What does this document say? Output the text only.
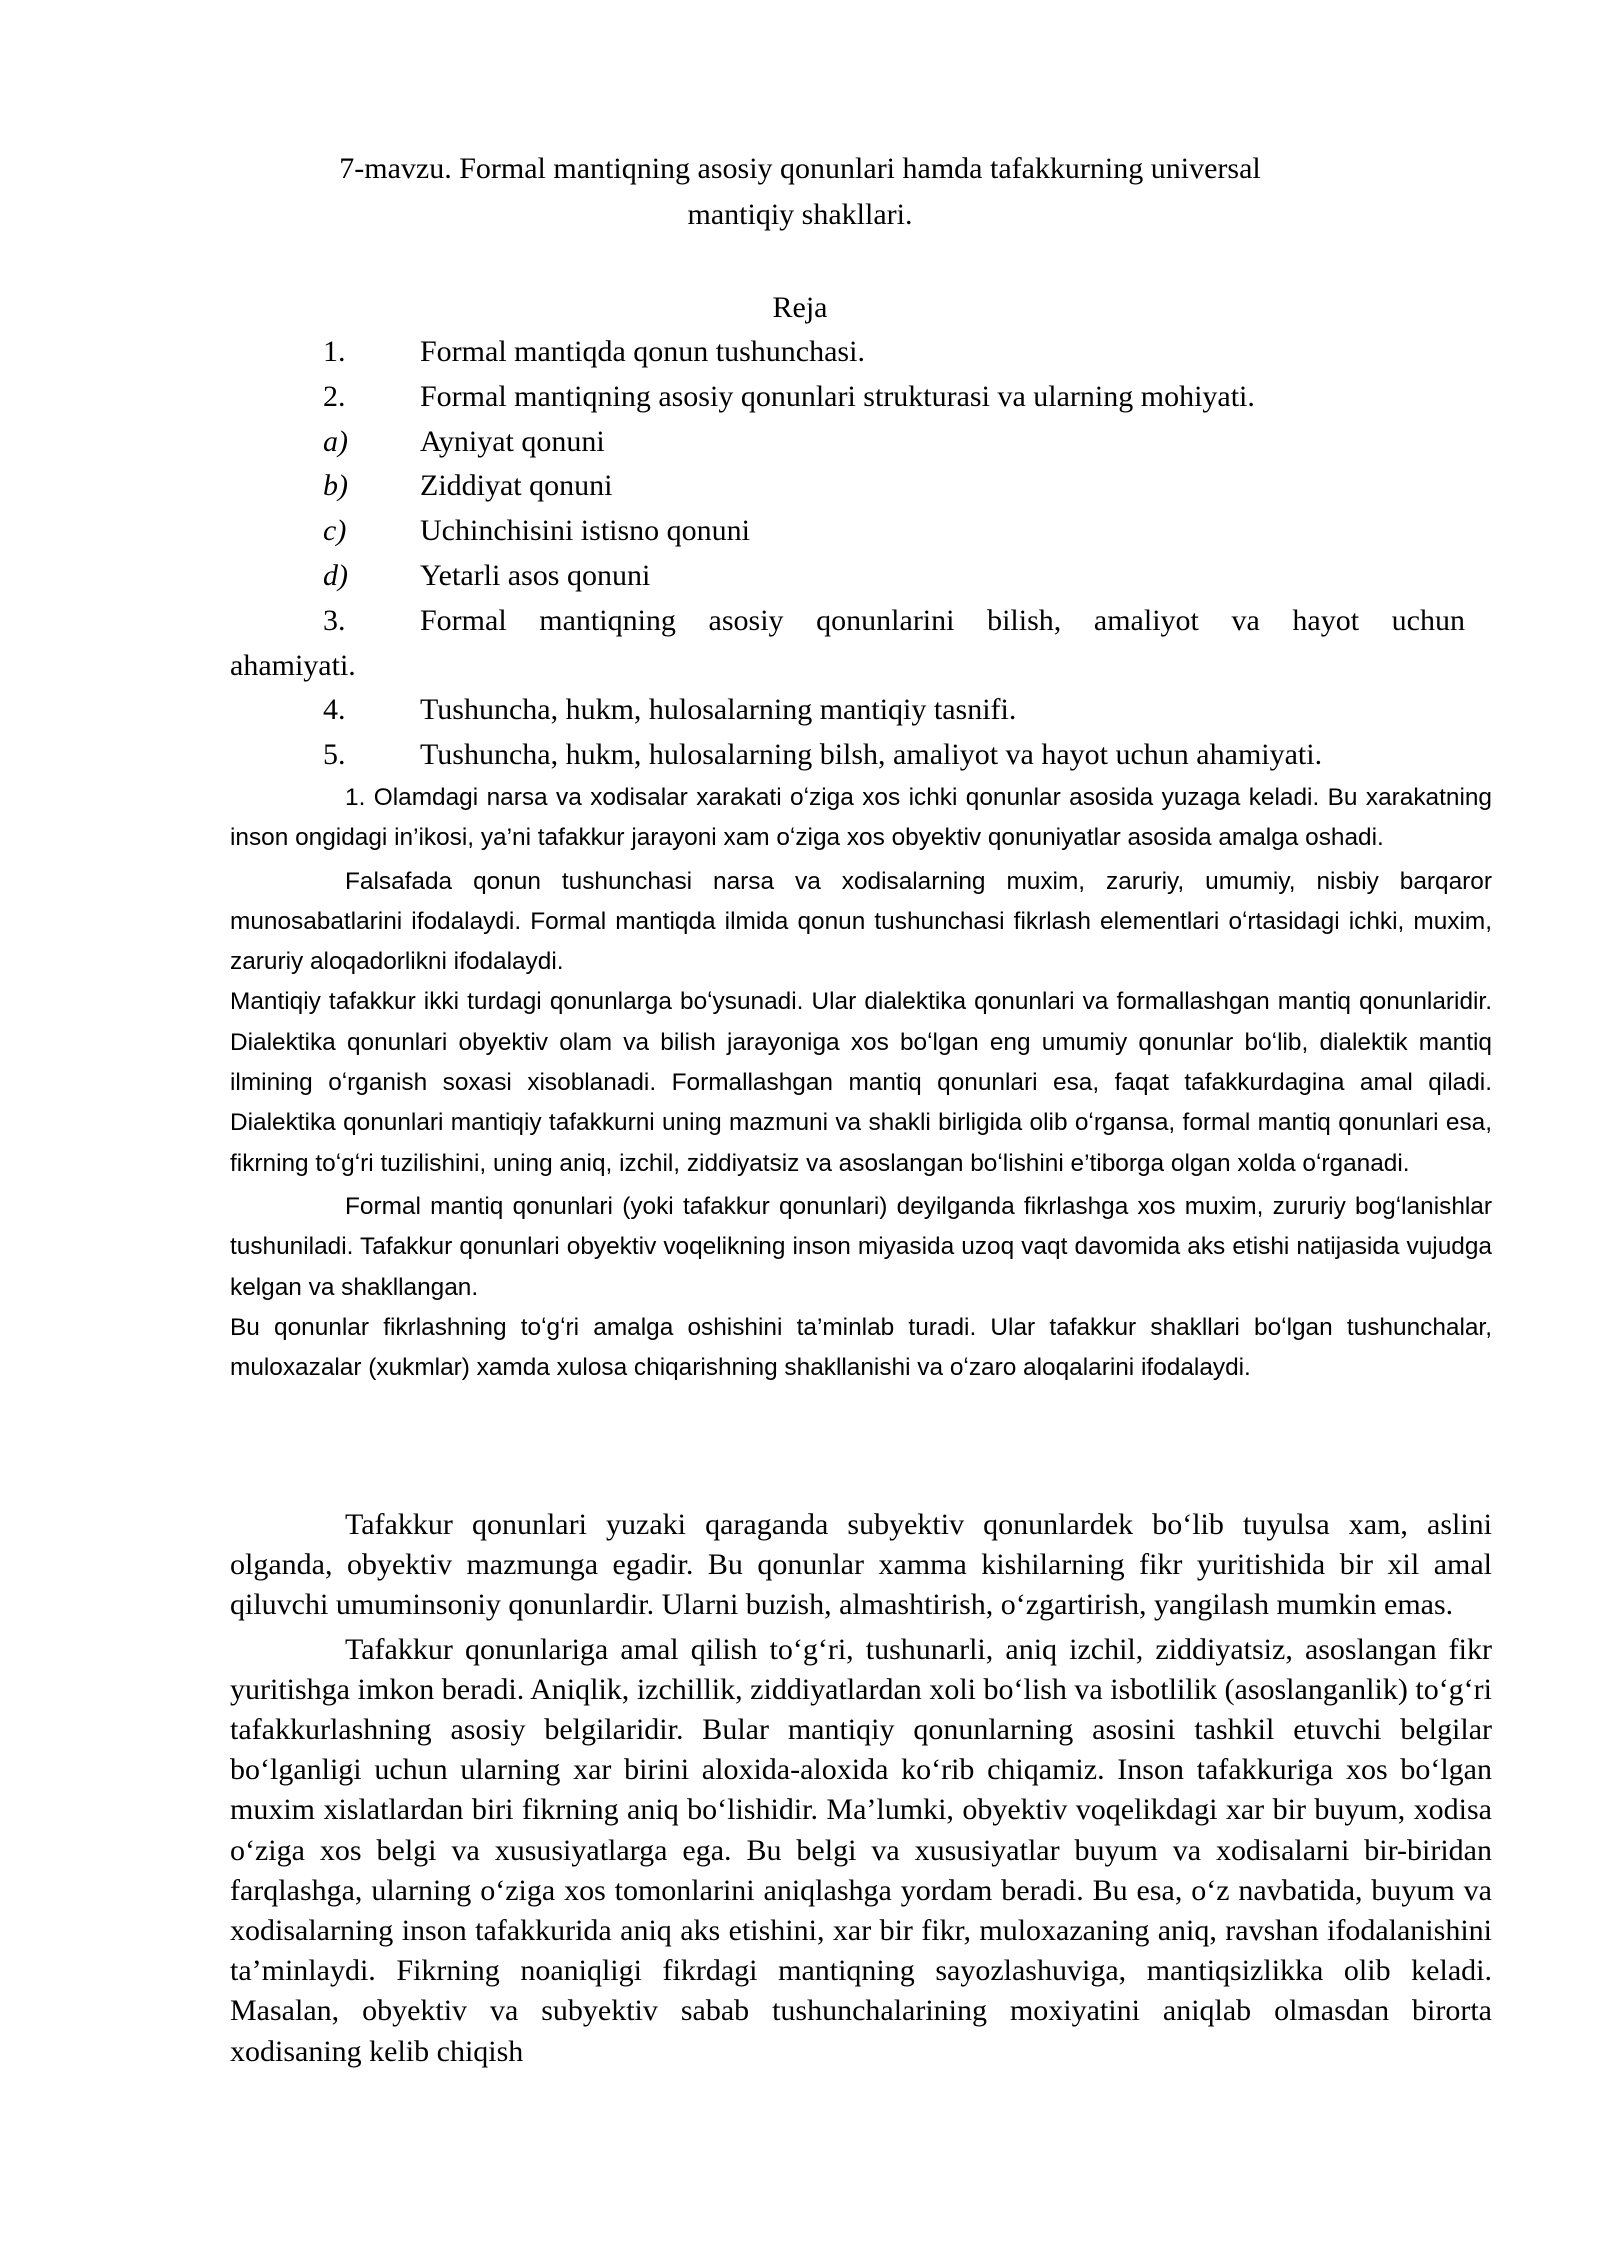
7-mavzu. Formal mantiqning asosiy qonunlari hamda tafakkurning universal
mantiqiy shakllari.
Reja
1. Formal mantiqda qonun tushunchasi.
2. Formal mantiqning asosiy qonunlari strukturasi va ularning mohiyati.
a) Ayniyat qonuni
b) Ziddiyat qonuni
c) Uchinchisini istisno qonuni
d) Yetarli asos qonuni
3. Formal mantiqning asosiy qonunlarini bilish, amaliyot va hayot uchun
ahamiyati.
4. Tushuncha, hukm, hulosalarning mantiqiy tasnifi.
5. Tushuncha, hukm, hulosalarning bilsh, amaliyot va hayot uchun ahamiyati.

1. Olamdagi narsa va xodisalar xarakati oʻziga xos ichki qonunlar asosida yuzaga keladi. Bu xarakatning inson ongidagi in’ikosi, ya’ni tafakkur jarayoni xam oʻziga xos obyektiv qonuniyatlar asosida amalga oshadi.

Falsafada qonun tushunchasi narsa va xodisalarning muxim, zaruriy, umumiy, nisbiy barqaror munosabatlarini ifodalaydi. Formal mantiqda ilmida qonun tushunchasi fikrlash elementlari oʻrtasidagi ichki, muxim, zaruriy aloqadorlikni ifodalaydi.

Mantiqiy tafakkur ikki turdagi qonunlarga boʻysunadi. Ular dialektika qonunlari va formallashgan mantiq qonunlaridir. Dialektika qonunlari obyektiv olam va bilish jarayoniga xos boʻlgan eng umumiy qonunlar boʻlib, dialektik mantiq ilmining oʻrganish soxasi xisoblanadi. Formallashgan mantiq qonunlari esa, faqat tafakkurdagina amal qiladi. Dialektika qonunlari mantiqiy tafakkurni uning mazmuni va shakli birligida olib oʻrgansa, formal mantiq qonunlari esa, fikrning toʻgʻri tuzilishini, uning aniq, izchil, ziddiyatsiz va asoslangan boʻlishini e’tiborga olgan xolda oʻrganadi.

Formal mantiq qonunlari (yoki tafakkur qonunlari) deyilganda fikrlashga xos muxim, zururiy bogʻlanishlar tushuniladi. Tafakkur qonunlari obyektiv voqelikning inson miyasida uzoq vaqt davomida aks etishi natijasida vujudga kelgan va shakllangan.

Bu qonunlar fikrlashning toʻgʻri amalga oshishini ta’minlab turadi. Ular tafakkur shakllari boʻlgan tushunchalar, muloxazalar (xukmlar) xamda xulosa chiqarishning shakllanishi va oʻzaro aloqalarini ifodalaydi.

Tafakkur qonunlari yuzaki qaraganda subyektiv qonunlardek boʻlib tuyulsa xam, aslini olganda, obyektiv mazmunga egadir. Bu qonunlar xamma kishilarning fikr yuritishida bir xil amal qiluvchi umuminsoniy qonunlardir. Ularni buzish, almashtirish, oʻzgartirish, yangilash mumkin emas.

Tafakkur qonunlariga amal qilish toʻgʻri, tushunarli, aniq izchil, ziddiyatsiz, asoslangan fikr yuritishga imkon beradi. Aniqlik, izchillik, ziddiyatlardan xoli boʻlish va isbotlilik (asoslanganlik) toʻgʻri tafakkurlashning asosiy belgilaridir. Bular mantiqiy qonunlarning asosini tashkil etuvchi belgilar boʻlganligi uchun ularning xar birini aloxida-aloxida koʻrib chiqamiz. Inson tafakkuriga xos boʻlgan muxim xislatlardan biri fikrning aniq boʻlishidir. Ma’lumki, obyektiv voqelikdagi xar bir buyum, xodisa oʻziga xos belgi va xususiyatlarga ega. Bu belgi va xususiyatlar buyum va xodisalarni bir-biridan farqlashga, ularning oʻziga xos tomonlarini aniqlashga yordam beradi. Bu esa, oʻz navbatida, buyum va xodisalarning inson tafakkurida aniq aks etishini, xar bir fikr, muloxazaning aniq, ravshan ifodalanishini ta’minlaydi. Fikrning noaniqligi fikrdagi mantiqning sayozlashuviga, mantiqsizlikka olib keladi. Masalan, obyektiv va subyektiv sabab tushunchalarining moxiyatini aniqlab olmasdan birorta xodisaning kelib chiqish
